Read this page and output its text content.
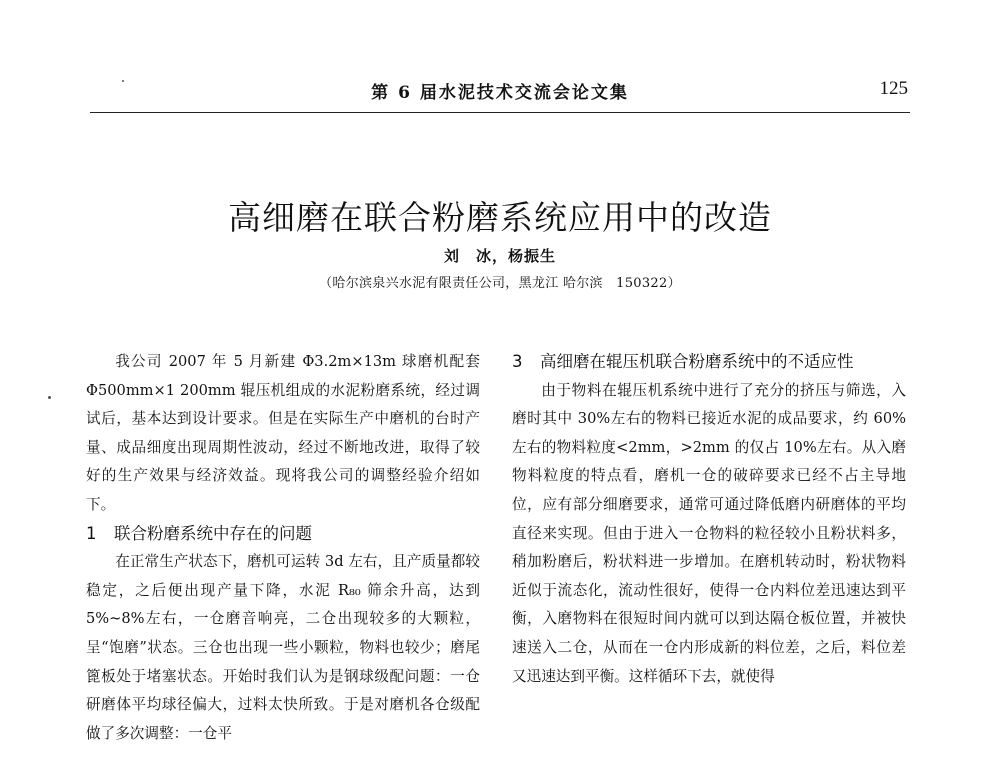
第 6 届水泥技术交流会论文集	125
高细磨在联合粉磨系统应用中的改造
刘　冰，杨振生
（哈尔滨泉兴水泥有限责任公司，黑龙江 哈尔滨　150322）

我公司 2007 年 5 月新建 Φ3.2m×13m 球磨机配套 Φ500mm×1 200mm 辊压机组成的水泥粉磨系统，经过调试后，基本达到设计要求。但是在实际生产中磨机的台时产量、成品细度出现周期性波动，经过不断地改进，取得了较好的生产效果与经济效益。现将我公司的调整经验介绍如下。

1 联合粉磨系统中存在的问题

在正常生产状态下，磨机可运转 3d 左右，且产质量都较稳定，之后便出现产量下降，水泥 R₈₀ 筛余升高，达到 5%~8%左右，一仓磨音响亮，二仓出现较多的大颗粒，呈“饱磨”状态。三仓也出现一些小颗粒，物料也较少；磨尾篦板处于堵塞状态。开始时我们认为是钢球级配问题：一仓研磨体平均球径偏大，过料太快所致。于是对磨机各仓级配做了多次调整：一仓平

3 高细磨在辊压机联合粉磨系统中的不适应性

由于物料在辊压机系统中进行了充分的挤压与筛选，入磨时其中 30%左右的物料已接近水泥的成品要求，约 60%左右的物料粒度<2mm，>2mm 的仅占 10%左右。从入磨物料粒度的特点看，磨机一仓的破碎要求已经不占主导地位，应有部分细磨要求，通常可通过降低磨内研磨体的平均直径来实现。但由于进入一仓物料的粒径较小且粉状料多，稍加粉磨后，粉状料进一步增加。在磨机转动时，粉状物料近似于流态化，流动性很好，使得一仓内料位差迅速达到平衡，入磨物料在很短时间内就可以到达隔仓板位置，并被快速送入二仓，从而在一仓内形成新的料位差，之后，料位差又迅速达到平衡。这样循环下去，就使得
